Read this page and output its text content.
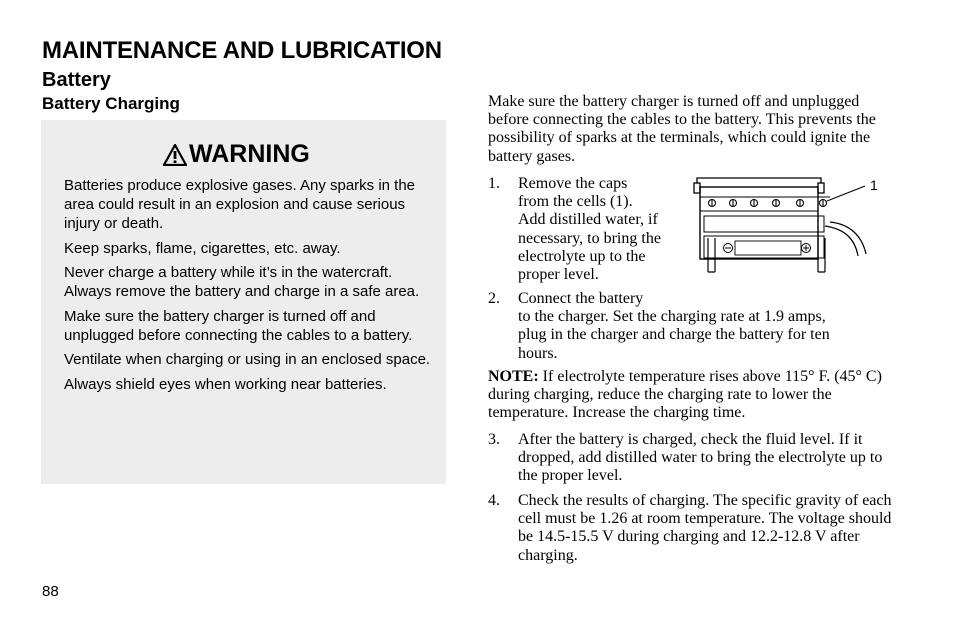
MAINTENANCE AND LUBRICATION
Battery
Battery Charging
WARNING

Batteries produce explosive gases. Any sparks in the area could result in an explosion and cause serious injury or death.

Keep sparks, flame, cigarettes, etc. away.

Never charge a battery while it’s in the watercraft. Always remove the battery and charge in a safe area.

Make sure the battery charger is turned off and unplugged before connecting the cables to a battery.

Ventilate when charging or using in an enclosed space.

Always shield eyes when working near batteries.

Make sure the battery charger is turned off and unplugged before connecting the cables to the battery. This prevents the possibility of sparks at the terminals, which could ignite the battery gases.
1. Remove the caps
from the cells (1).
Add distilled water, if
necessary, to bring the
electrolyte up to the
proper level.
2. Connect the battery
to the charger. Set the charging rate at 1.9 amps,
plug in the charger and charge the battery for ten
hours.
NOTE: If electrolyte temperature rises above 115° F. (45° C) during charging, reduce the charging rate to lower the temperature. Increase the charging time.
3. After the battery is charged, check the fluid level. If it dropped, add distilled water to bring the electrolyte up to the proper level.
4. Check the results of charging. The specific gravity of each cell must be 1.26 at room temperature. The voltage should be 14.5-15.5 V during charging and 12.2-12.8 V after charging.
1
88
